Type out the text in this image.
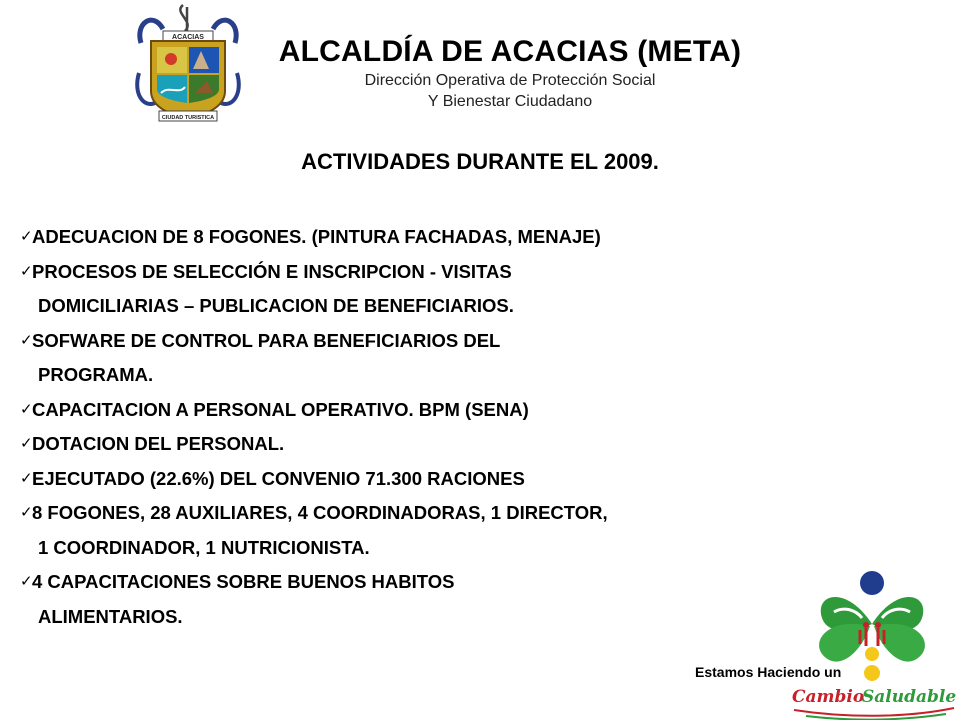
ACACIAS
CIUDAD TURISTICA
ALCALDÍA DE ACACIAS (META)
Dirección Operativa de Protección Social
Y Bienestar Ciudadano
ACTIVIDADES DURANTE EL 2009.
✓ ADECUACION DE 8 FOGONES. (PINTURA FACHADAS, MENAJE)
✓ PROCESOS DE SELECCIÓN E INSCRIPCION - VISITAS
DOMICILIARIAS – PUBLICACION DE BENEFICIARIOS.
✓ SOFWARE DE CONTROL PARA BENEFICIARIOS DEL
PROGRAMA.
✓ CAPACITACION A PERSONAL OPERATIVO. BPM (SENA)
✓ DOTACION DEL PERSONAL.
✓ EJECUTADO (22.6%) DEL CONVENIO 71.300 RACIONES
✓ 8 FOGONES, 28 AUXILIARES, 4 COORDINADORAS, 1 DIRECTOR,
1 COORDINADOR, 1 NUTRICIONISTA.
✓ 4 CAPACITACIONES SOBRE BUENOS HABITOS
ALIMENTARIOS.
Estamos Haciendo un
Cambio
Saludable
